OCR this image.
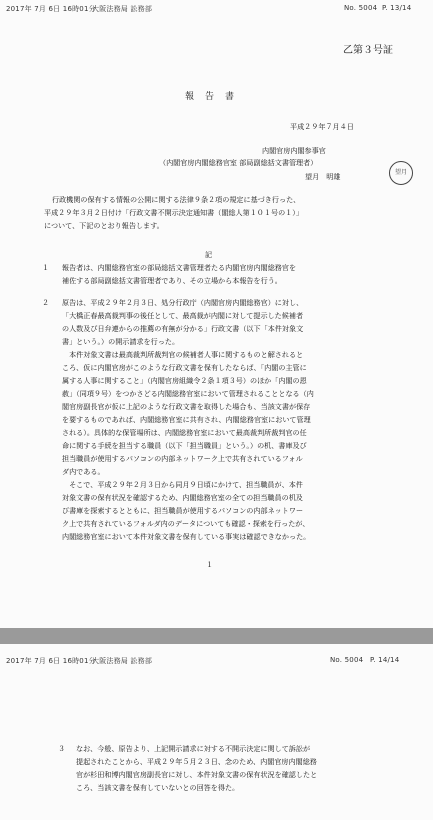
2017年 7月 6日 16時01分
大阪法務局 訟務部	No. 5004 P. 13/14
乙第３号証
報　告　書
平成２９年７月４日
内閣官房内閣参事官
（内閣官房内閣総務官室 部局副総括文書管理者）
望月　明雄	望月
行政機関の保有する情報の公開に関する法律９条２項の規定に基づき行った、
平成２９年３月２日付け「行政文書不開示決定通知書（閣総人第１０１号の１）」
について、下記のとおり報告します。
記
１ 報告者は、内閣総務官室の部局総括文書管理者たる内閣官房内閣総務官を
補佐する部局副総括文書管理者であり、その立場から本報告を行う。
２ 原告は、平成２９年２月３日、処分行政庁（内閣官房内閣総務官）に対し、
「大橋正春最高裁判事の後任として、最高裁が内閣に対して提示した候補者
の人数及び日弁連からの推薦の有無が分かる」行政文書（以下「本件対象文
書」という。）の開示請求を行った。
　本件対象文書は最高裁判所裁判官の候補者人事に関するものと解されると
ころ、仮に内閣官房がこのような行政文書を保有したならば、「内閣の主管に
属する人事に関すること」（内閣官房組織令２条１項３号）のほか「内閣の恩
赦」（同項９号）をつかさどる内閣総務官室において管理されることとなる（内
閣官房副長官が仮に上記のような行政文書を取得した場合も、当該文書が保存
を要するものであれば、内閣総務官室に共有され、内閣総務官室において管理
される）。具体的な保管場所は、内閣総務官室において最高裁判所裁判官の任
命に関する手続を担当する職員（以下「担当職員」という。）の机、書庫及び
担当職員が使用するパソコンの内部ネットワーク上で共有されているフォル
ダ内である。
　そこで、平成２９年２月３日から同月９日頃にかけて、担当職員が、本件
対象文書の保有状況を確認するため、内閣総務官室の全ての担当職員の机及
び書庫を探索するとともに、担当職員が使用するパソコンの内部ネットワー
ク上で共有されているフォルダ内のデータについても確認・探索を行ったが、
内閣総務官室において本件対象文書を保有している事実は確認できなかった。
１
2017年 7月 6日 16時01分
大阪法務局 訟務部	No. 5004 P. 14/14
３ なお、今般、原告より、上記開示請求に対する不開示決定に関して訴訟が
提起されたことから、平成２９年５月２３日、念のため、内閣官房内閣総務
官が杉田和博内閣官房副長官に対し、本件対象文書の保有状況を確認したと
ころ、当該文書を保有していないとの回答を得た。
